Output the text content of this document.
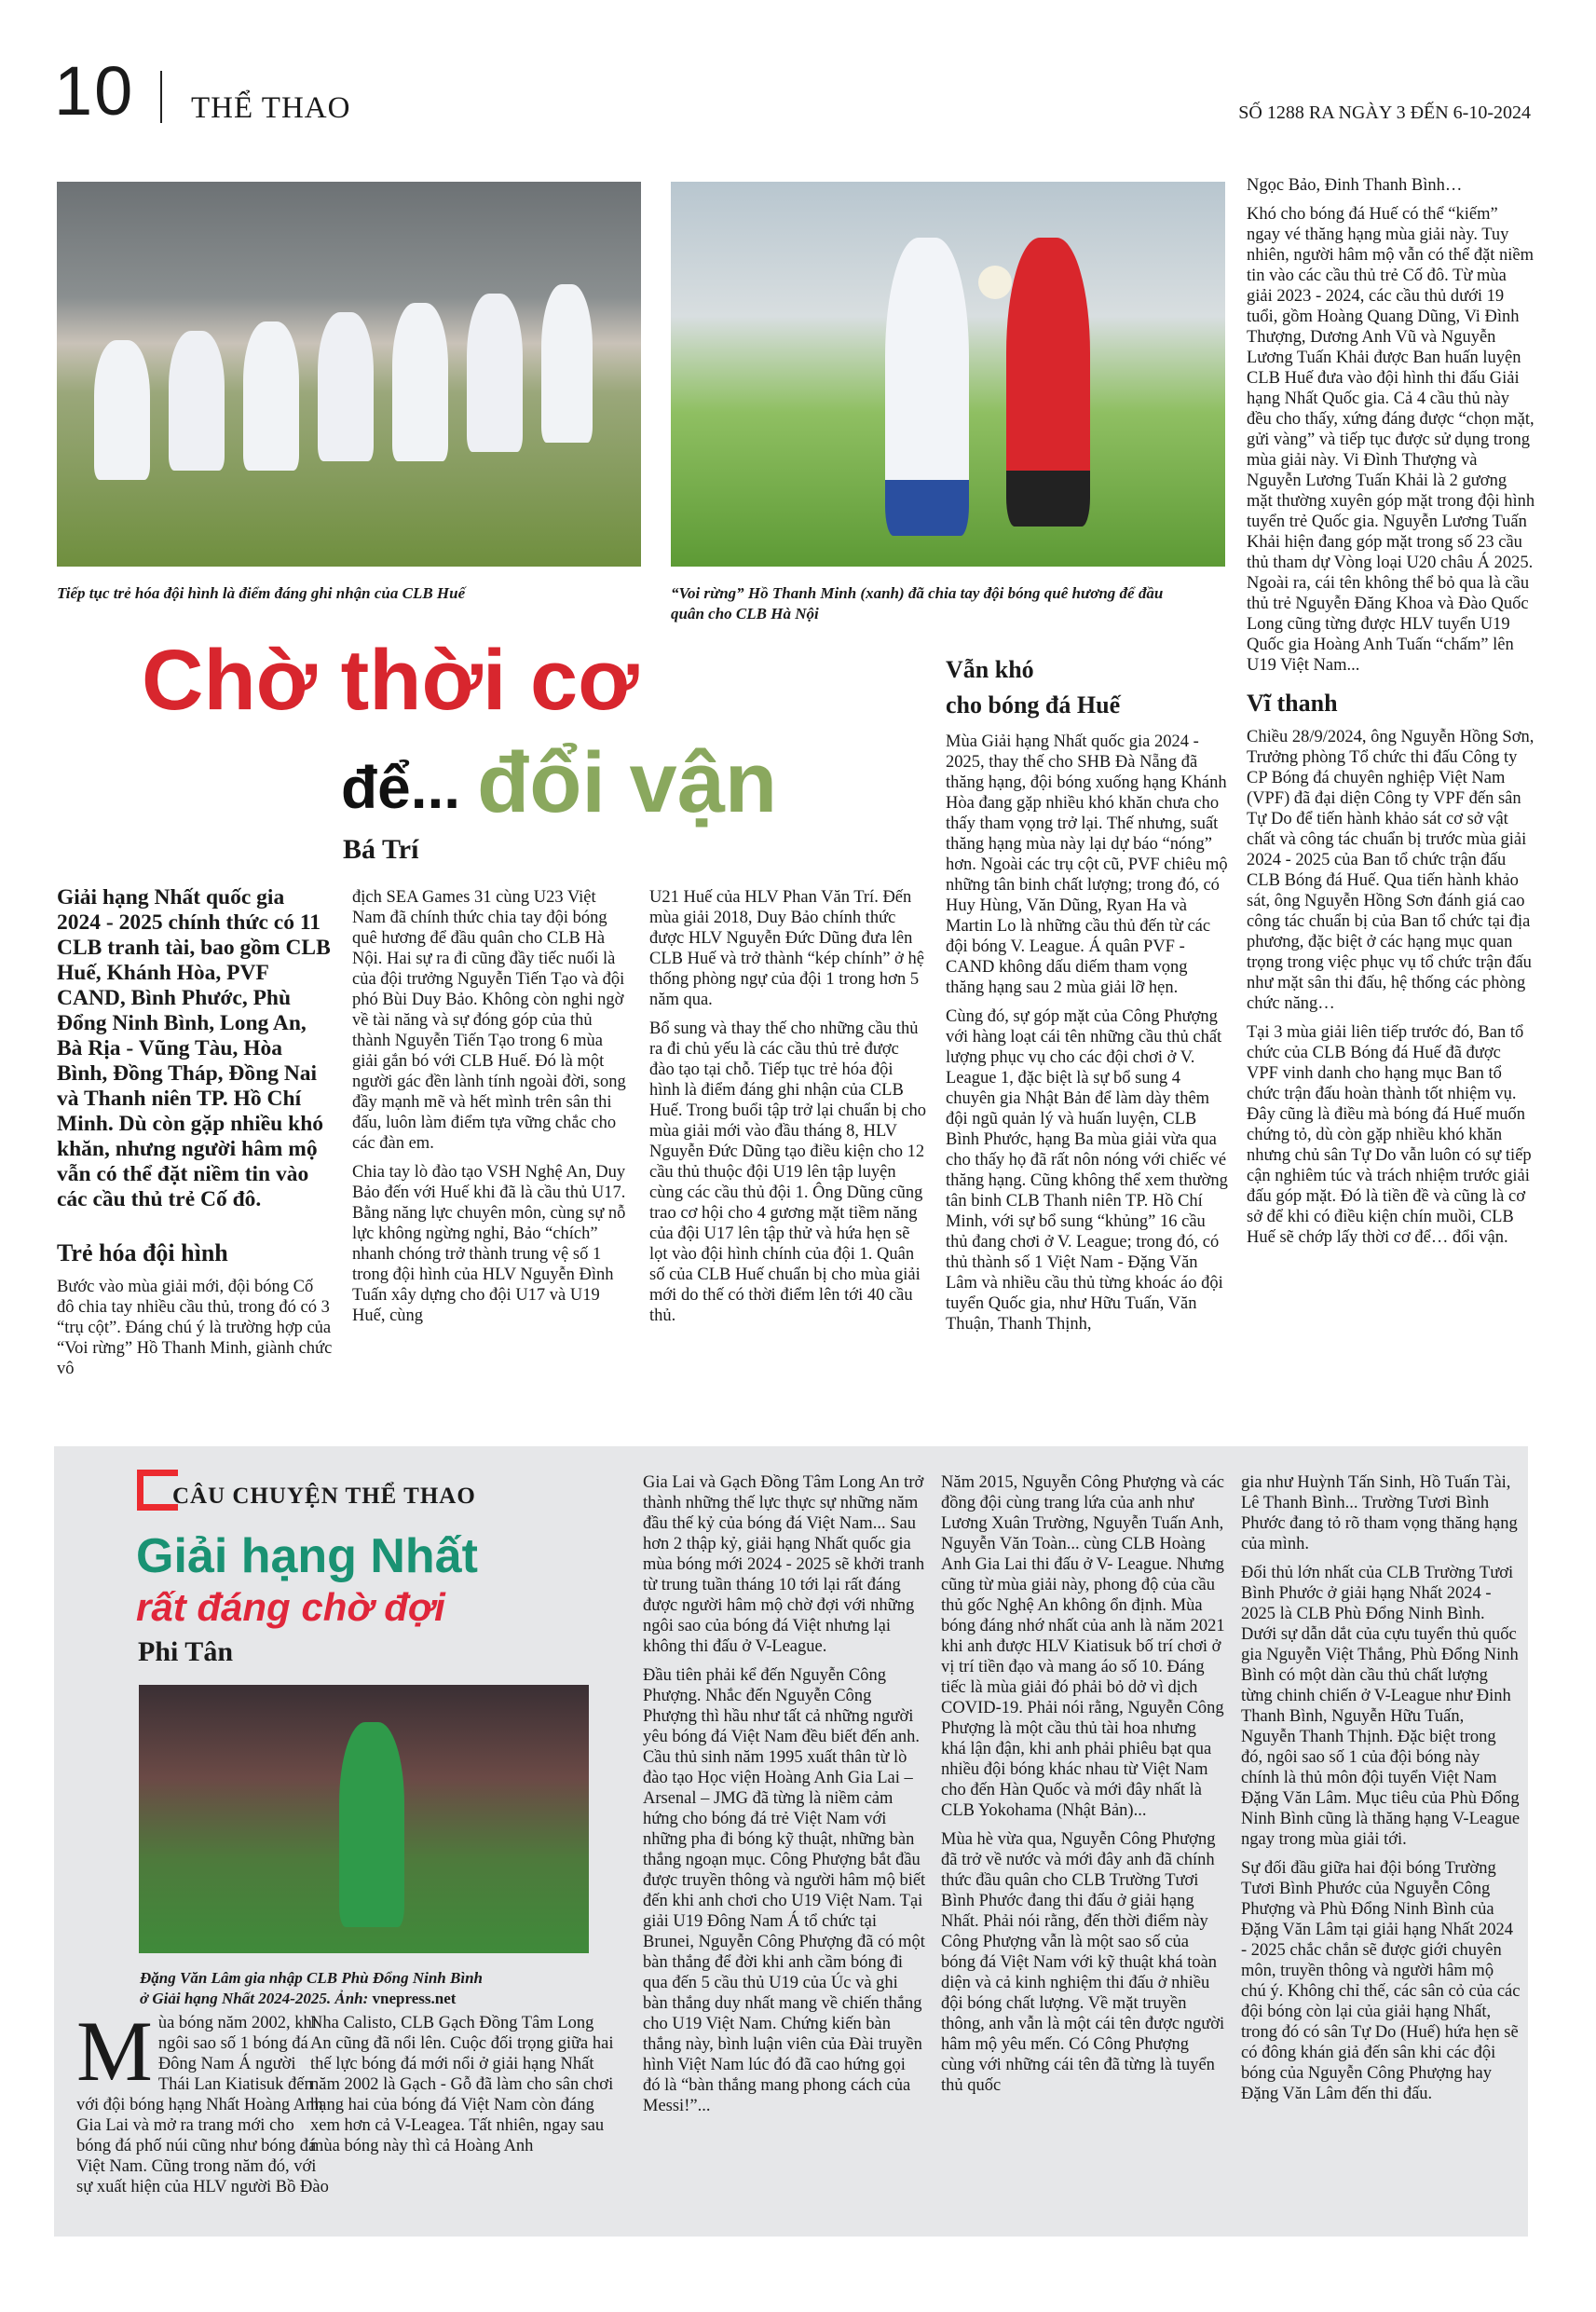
10 THỂ THAO	SỐ 1288 RA NGÀY 3 ĐẾN 6-10-2024
Tiếp tục trẻ hóa đội hình là điểm đáng ghi nhận của CLB Huế	“Voi rừng” Hồ Thanh Minh (xanh) đã chia tay đội bóng quê hương để đầu quân cho CLB Hà Nội
Chờ thời cơ
để... đổi vận
Bá Trí

Giải hạng Nhất quốc gia 2024 - 2025 chính thức có 11 CLB tranh tài, bao gồm CLB Huế, Khánh Hòa, PVF CAND, Bình Phước, Phù Đổng Ninh Bình, Long An, Bà Rịa - Vũng Tàu, Hòa Bình, Đồng Tháp, Đồng Nai và Thanh niên TP. Hồ Chí Minh. Dù còn gặp nhiều khó khăn, nhưng người hâm mộ vẫn có thể đặt niềm tin vào các cầu thủ trẻ Cố đô.

Trẻ hóa đội hình

Bước vào mùa giải mới, đội bóng Cố đô chia tay nhiều cầu thủ, trong đó có 3 “trụ cột”. Đáng chú ý là trường hợp của “Voi rừng” Hồ Thanh Minh, giành chức vô

địch SEA Games 31 cùng U23 Việt Nam đã chính thức chia tay đội bóng quê hương để đầu quân cho CLB Hà Nội. Hai sự ra đi cũng đầy tiếc nuối là của đội trưởng Nguyễn Tiến Tạo và đội phó Bùi Duy Bảo. Không còn nghi ngờ về tài năng và sự đóng góp của thủ thành Nguyễn Tiến Tạo trong 6 mùa giải gắn bó với CLB Huế. Đó là một người gác đền lành tính ngoài đời, song đầy mạnh mẽ và hết mình trên sân thi đấu, luôn làm điểm tựa vững chắc cho các đàn em.

Chia tay lò đào tạo VSH Nghệ An, Duy Bảo đến với Huế khi đã là cầu thủ U17. Bằng năng lực chuyên môn, cùng sự nỗ lực không ngừng nghỉ, Bảo “chích” nhanh chóng trở thành trung vệ số 1 trong đội hình của HLV Nguyễn Đình Tuấn xây dựng cho đội U17 và U19 Huế, cùng

U21 Huế của HLV Phan Văn Trí. Đến mùa giải 2018, Duy Bảo chính thức được HLV Nguyễn Đức Dũng đưa lên CLB Huế và trở thành “kép chính” ở hệ thống phòng ngự của đội 1 trong hơn 5 năm qua.

Bổ sung và thay thế cho những cầu thủ ra đi chủ yếu là các cầu thủ trẻ được đào tạo tại chỗ. Tiếp tục trẻ hóa đội hình là điểm đáng ghi nhận của CLB Huế. Trong buổi tập trở lại chuẩn bị cho mùa giải mới vào đầu tháng 8, HLV Nguyễn Đức Dũng tạo điều kiện cho 12 cầu thủ thuộc đội U19 lên tập luyện cùng các cầu thủ đội 1. Ông Dũng cũng trao cơ hội cho 4 gương mặt tiềm năng của đội U17 lên tập thử và hứa hẹn sẽ lọt vào đội hình chính của đội 1. Quân số của CLB Huế chuẩn bị cho mùa giải mới do thế có thời điểm lên tới 40 cầu thủ.

Vẫn khó

cho bóng đá Huế

Mùa Giải hạng Nhất quốc gia 2024 - 2025, thay thế cho SHB Đà Nẵng đã thăng hạng, đội bóng xuống hạng Khánh Hòa đang gặp nhiều khó khăn chưa cho thấy tham vọng trở lại. Thế nhưng, suất thăng hạng mùa này lại dự báo “nóng” hơn. Ngoài các trụ cột cũ, PVF chiêu mộ những tân binh chất lượng; trong đó, có Huy Hùng, Văn Dũng, Ryan Ha và Martin Lo là những cầu thủ đến từ các đội bóng V. League. Á quân PVF - CAND không dấu diếm tham vọng thăng hạng sau 2 mùa giải lỡ hẹn.

Cùng đó, sự góp mặt của Công Phượng với hàng loạt cái tên những cầu thủ chất lượng phục vụ cho các đội chơi ở V. League 1, đặc biệt là sự bổ sung 4 chuyên gia Nhật Bản để làm dày thêm đội ngũ quản lý và huấn luyện, CLB Bình Phước, hạng Ba mùa giải vừa qua cho thấy họ đã rất nôn nóng với chiếc vé thăng hạng. Cũng không thể xem thường tân binh CLB Thanh niên TP. Hồ Chí Minh, với sự bổ sung “khủng” 16 cầu thủ đang chơi ở V. League; trong đó, có thủ thành số 1 Việt Nam - Đặng Văn Lâm và nhiều cầu thủ từng khoác áo đội tuyển Quốc gia, như Hữu Tuấn, Văn Thuận, Thanh Thịnh,

Ngọc Bảo, Đinh Thanh Bình…

Khó cho bóng đá Huế có thể “kiếm” ngay vé thăng hạng mùa giải này. Tuy nhiên, người hâm mộ vẫn có thể đặt niềm tin vào các cầu thủ trẻ Cố đô. Từ mùa giải 2023 - 2024, các cầu thủ dưới 19 tuổi, gồm Hoàng Quang Dũng, Vi Đình Thượng, Dương Anh Vũ và Nguyễn Lương Tuấn Khải được Ban huấn luyện CLB Huế đưa vào đội hình thi đấu Giải hạng Nhất Quốc gia. Cả 4 cầu thủ này đều cho thấy, xứng đáng được “chọn mặt, gửi vàng” và tiếp tục được sử dụng trong mùa giải này. Vi Đình Thượng và Nguyễn Lương Tuấn Khải là 2 gương mặt thường xuyên góp mặt trong đội hình tuyển trẻ Quốc gia. Nguyễn Lương Tuấn Khải hiện đang góp mặt trong số 23 cầu thủ tham dự Vòng loại U20 châu Á 2025. Ngoài ra, cái tên không thể bỏ qua là cầu thủ trẻ Nguyễn Đăng Khoa và Đào Quốc Long cũng từng được HLV tuyển U19 Quốc gia Hoàng Anh Tuấn “chấm” lên U19 Việt Nam...

Vĩ thanh

Chiều 28/9/2024, ông Nguyễn Hồng Sơn, Trưởng phòng Tổ chức thi đấu Công ty CP Bóng đá chuyên nghiệp Việt Nam (VPF) đã đại diện Công ty VPF đến sân Tự Do để tiến hành khảo sát cơ sở vật chất và công tác chuẩn bị trước mùa giải 2024 - 2025 của Ban tổ chức trận đấu CLB Bóng đá Huế. Qua tiến hành khảo sát, ông Nguyễn Hồng Sơn đánh giá cao công tác chuẩn bị của Ban tổ chức tại địa phương, đặc biệt ở các hạng mục quan trọng trong việc phục vụ tổ chức trận đấu như mặt sân thi đấu, hệ thống các phòng chức năng…

Tại 3 mùa giải liên tiếp trước đó, Ban tổ chức của CLB Bóng đá Huế đã được VPF vinh danh cho hạng mục Ban tổ chức trận đấu hoàn thành tốt nhiệm vụ. Đây cũng là điều mà bóng đá Huế muốn chứng tỏ, dù còn gặp nhiều khó khăn nhưng chủ sân Tự Do vẫn luôn có sự tiếp cận nghiêm túc và trách nhiệm trước giải đấu góp mặt. Đó là tiền đề và cũng là cơ sở để khi có điều kiện chín muồi, CLB Huế sẽ chớp lấy thời cơ để… đổi vận.

CÂU CHUYỆN THỂ THAO
Giải hạng Nhất
rất đáng chờ đợi
Phi Tân
Đặng Văn Lâm gia nhập CLB Phù Đổng Ninh Bình
ở Giải hạng Nhất 2024-2025. Ảnh: vnepress.net

Mùa bóng năm 2002, khi ngôi sao số 1 bóng đá Đông Nam Á người Thái Lan Kiatisuk đến với đội bóng hạng Nhất Hoàng Anh Gia Lai và mở ra trang mới cho bóng đá phố núi cũng như bóng đá Việt Nam. Cũng trong năm đó, với sự xuất hiện của HLV người Bồ Đào

Nha Calisto, CLB Gạch Đồng Tâm Long An cũng đã nổi lên. Cuộc đối trọng giữa hai thế lực bóng đá mới nổi ở giải hạng Nhất năm 2002 là Gạch - Gỗ đã làm cho sân chơi hạng hai của bóng đá Việt Nam còn đáng xem hơn cả V-Leagea. Tất nhiên, ngay sau mùa bóng này thì cả Hoàng Anh

Gia Lai và Gạch Đồng Tâm Long An trở thành những thế lực thực sự những năm đầu thế kỷ của bóng đá Việt Nam... Sau hơn 2 thập kỷ, giải hạng Nhất quốc gia mùa bóng mới 2024 - 2025 sẽ khởi tranh từ trung tuần tháng 10 tới lại rất đáng được người hâm mộ chờ đợi với những ngôi sao của bóng đá Việt nhưng lại không thi đấu ở V-League.

Đầu tiên phải kể đến Nguyễn Công Phượng. Nhắc đến Nguyễn Công Phượng thì hầu như tất cả những người yêu bóng đá Việt Nam đều biết đến anh. Cầu thủ sinh năm 1995 xuất thân từ lò đào tạo Học viện Hoàng Anh Gia Lai – Arsenal – JMG đã từng là niềm cảm hứng cho bóng đá trẻ Việt Nam với những pha đi bóng kỹ thuật, những bàn thắng ngoạn mục. Công Phượng bắt đầu được truyền thông và người hâm mộ biết đến khi anh chơi cho U19 Việt Nam. Tại giải U19 Đông Nam Á tổ chức tại Brunei, Nguyễn Công Phượng đã có một bàn thắng để đời khi anh cầm bóng đi qua đến 5 cầu thủ U19 của Úc và ghi bàn thắng duy nhất mang về chiến thắng cho U19 Việt Nam. Chứng kiến bàn thắng này, bình luận viên của Đài truyền hình Việt Nam lúc đó đã cao hứng gọi đó là “bàn thắng mang phong cách của Messi!”...

Năm 2015, Nguyễn Công Phượng và các đồng đội cùng trang lứa của anh như Lương Xuân Trường, Nguyễn Tuấn Anh, Nguyễn Văn Toàn... cùng CLB Hoàng Anh Gia Lai thi đấu ở V- League. Nhưng cũng từ mùa giải này, phong độ của cầu thủ gốc Nghệ An không ổn định. Mùa bóng đáng nhớ nhất của anh là năm 2021 khi anh được HLV Kiatisuk bố trí chơi ở vị trí tiền đạo và mang áo số 10. Đáng tiếc là mùa giải đó phải bỏ dở vì dịch COVID-19. Phải nói rằng, Nguyễn Công Phượng là một cầu thủ tài hoa nhưng khá lận đận, khi anh phải phiêu bạt qua nhiều đội bóng khác nhau từ Việt Nam cho đến Hàn Quốc và mới đây nhất là CLB Yokohama (Nhật Bản)...

Mùa hè vừa qua, Nguyễn Công Phượng đã trở về nước và mới đây anh đã chính thức đầu quân cho CLB Trường Tươi Bình Phước đang thi đấu ở giải hạng Nhất. Phải nói rằng, đến thời điểm này Công Phượng vẫn là một sao số của bóng đá Việt Nam với kỹ thuật khá toàn diện và cả kinh nghiệm thi đấu ở nhiều đội bóng chất lượng. Về mặt truyền thông, anh vẫn là một cái tên được người hâm mộ yêu mến. Có Công Phượng cùng với những cái tên đã từng là tuyển thủ quốc

gia như Huỳnh Tấn Sinh, Hồ Tuấn Tài, Lê Thanh Bình... Trường Tươi Bình Phước đang tỏ rõ tham vọng thăng hạng của mình.

Đối thủ lớn nhất của CLB Trường Tươi Bình Phước ở giải hạng Nhất 2024 - 2025 là CLB Phù Đổng Ninh Bình. Dưới sự dẫn dắt của cựu tuyển thủ quốc gia Nguyễn Việt Thắng, Phù Đổng Ninh Bình có một dàn cầu thủ chất lượng từng chinh chiến ở V-League như Đinh Thanh Bình, Nguyễn Hữu Tuấn, Nguyễn Thanh Thịnh. Đặc biệt trong đó, ngôi sao số 1 của đội bóng này chính là thủ môn đội tuyển Việt Nam Đặng Văn Lâm. Mục tiêu của Phù Đổng Ninh Bình cũng là thăng hạng V-League ngay trong mùa giải tới.

Sự đối đầu giữa hai đội bóng Trường Tươi Bình Phước của Nguyễn Công Phượng và Phù Đổng Ninh Bình của Đặng Văn Lâm tại giải hạng Nhất 2024 - 2025 chắc chắn sẽ được giới chuyên môn, truyền thông và người hâm mộ chú ý. Không chỉ thế, các sân cỏ của các đội bóng còn lại của giải hạng Nhất, trong đó có sân Tự Do (Huế) hứa hẹn sẽ có đông khán giả đến sân khi các đội bóng của Nguyễn Công Phượng hay Đặng Văn Lâm đến thi đấu.
